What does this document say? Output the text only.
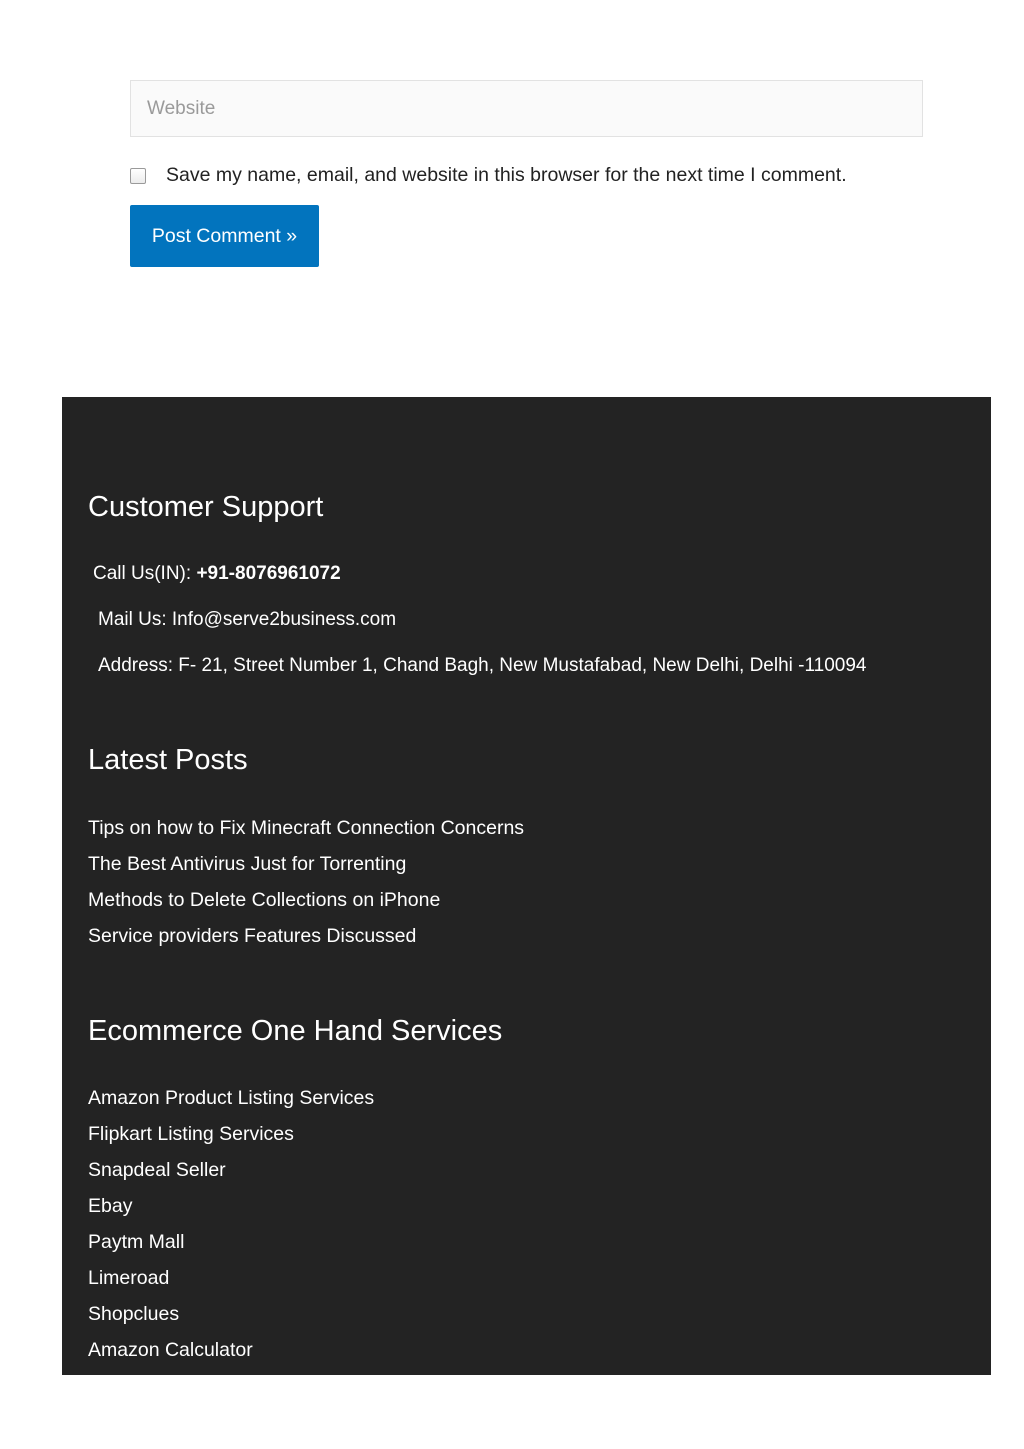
Website
Save my name, email, and website in this browser for the next time I comment.
Post Comment »
Customer Support
Call Us(IN): +91-8076961072
Mail Us: Info@serve2business.com
Address: F- 21, Street Number 1, Chand Bagh, New Mustafabad, New Delhi, Delhi -110094
Latest Posts
Tips on how to Fix Minecraft Connection Concerns
The Best Antivirus Just for Torrenting
Methods to Delete Collections on iPhone
Service providers Features Discussed
Ecommerce One Hand Services
Amazon Product Listing Services
Flipkart Listing Services
Snapdeal Seller
Ebay
Paytm Mall
Limeroad
Shopclues
Amazon Calculator
